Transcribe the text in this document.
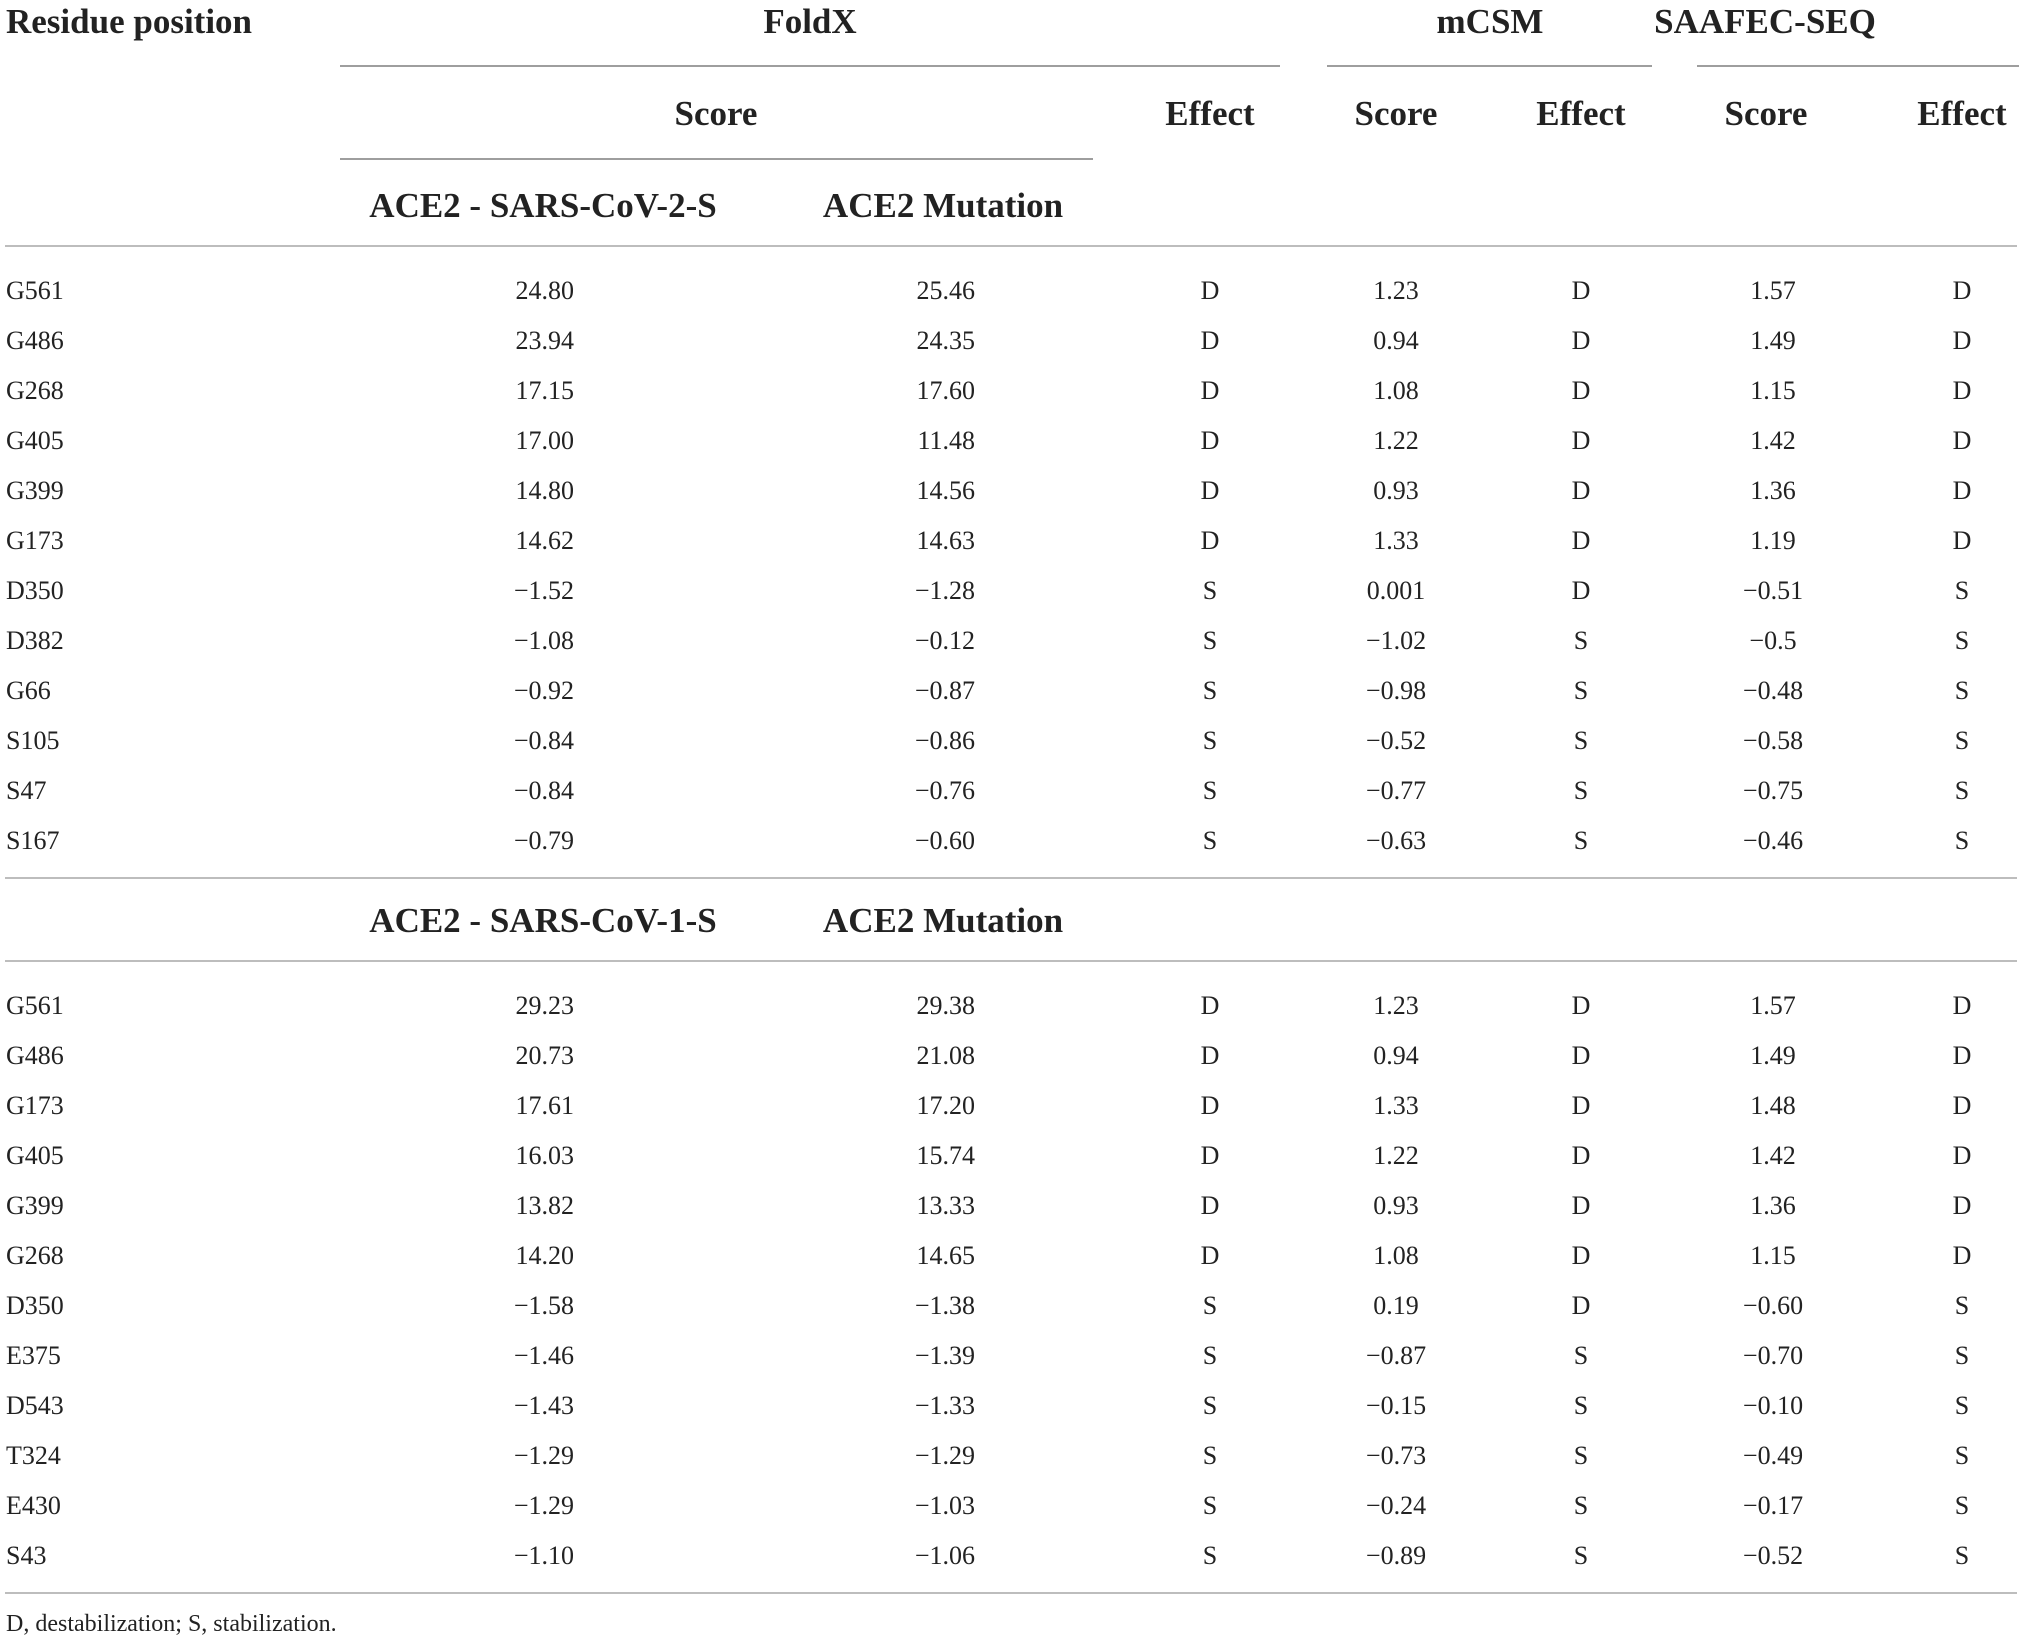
Residue position	FoldX	mCSM	SAAFEC-SEQ
Score	Effect	Score	Effect	Score	Effect
ACE2 - SARS-CoV-2-S	ACE2 Mutation
G561	24.80	25.46	D	1.23	D	1.57	D
G486	23.94	24.35	D	0.94	D	1.49	D
G268	17.15	17.60	D	1.08	D	1.15	D
G405	17.00	11.48	D	1.22	D	1.42	D
G399	14.80	14.56	D	0.93	D	1.36	D
G173	14.62	14.63	D	1.33	D	1.19	D
D350	−1.52	−1.28	S	0.001	D	−0.51	S
D382	−1.08	−0.12	S	−1.02	S	−0.5	S
G66	−0.92	−0.87	S	−0.98	S	−0.48	S
S105	−0.84	−0.86	S	−0.52	S	−0.58	S
S47	−0.84	−0.76	S	−0.77	S	−0.75	S
S167	−0.79	−0.60	S	−0.63	S	−0.46	S
ACE2 - SARS-CoV-1-S	ACE2 Mutation
G561	29.23	29.38	D	1.23	D	1.57	D
G486	20.73	21.08	D	0.94	D	1.49	D
G173	17.61	17.20	D	1.33	D	1.48	D
G405	16.03	15.74	D	1.22	D	1.42	D
G399	13.82	13.33	D	0.93	D	1.36	D
G268	14.20	14.65	D	1.08	D	1.15	D
D350	−1.58	−1.38	S	0.19	D	−0.60	S
E375	−1.46	−1.39	S	−0.87	S	−0.70	S
D543	−1.43	−1.33	S	−0.15	S	−0.10	S
T324	−1.29	−1.29	S	−0.73	S	−0.49	S
E430	−1.29	−1.03	S	−0.24	S	−0.17	S
S43	−1.10	−1.06	S	−0.89	S	−0.52	S
D, destabilization; S, stabilization.
